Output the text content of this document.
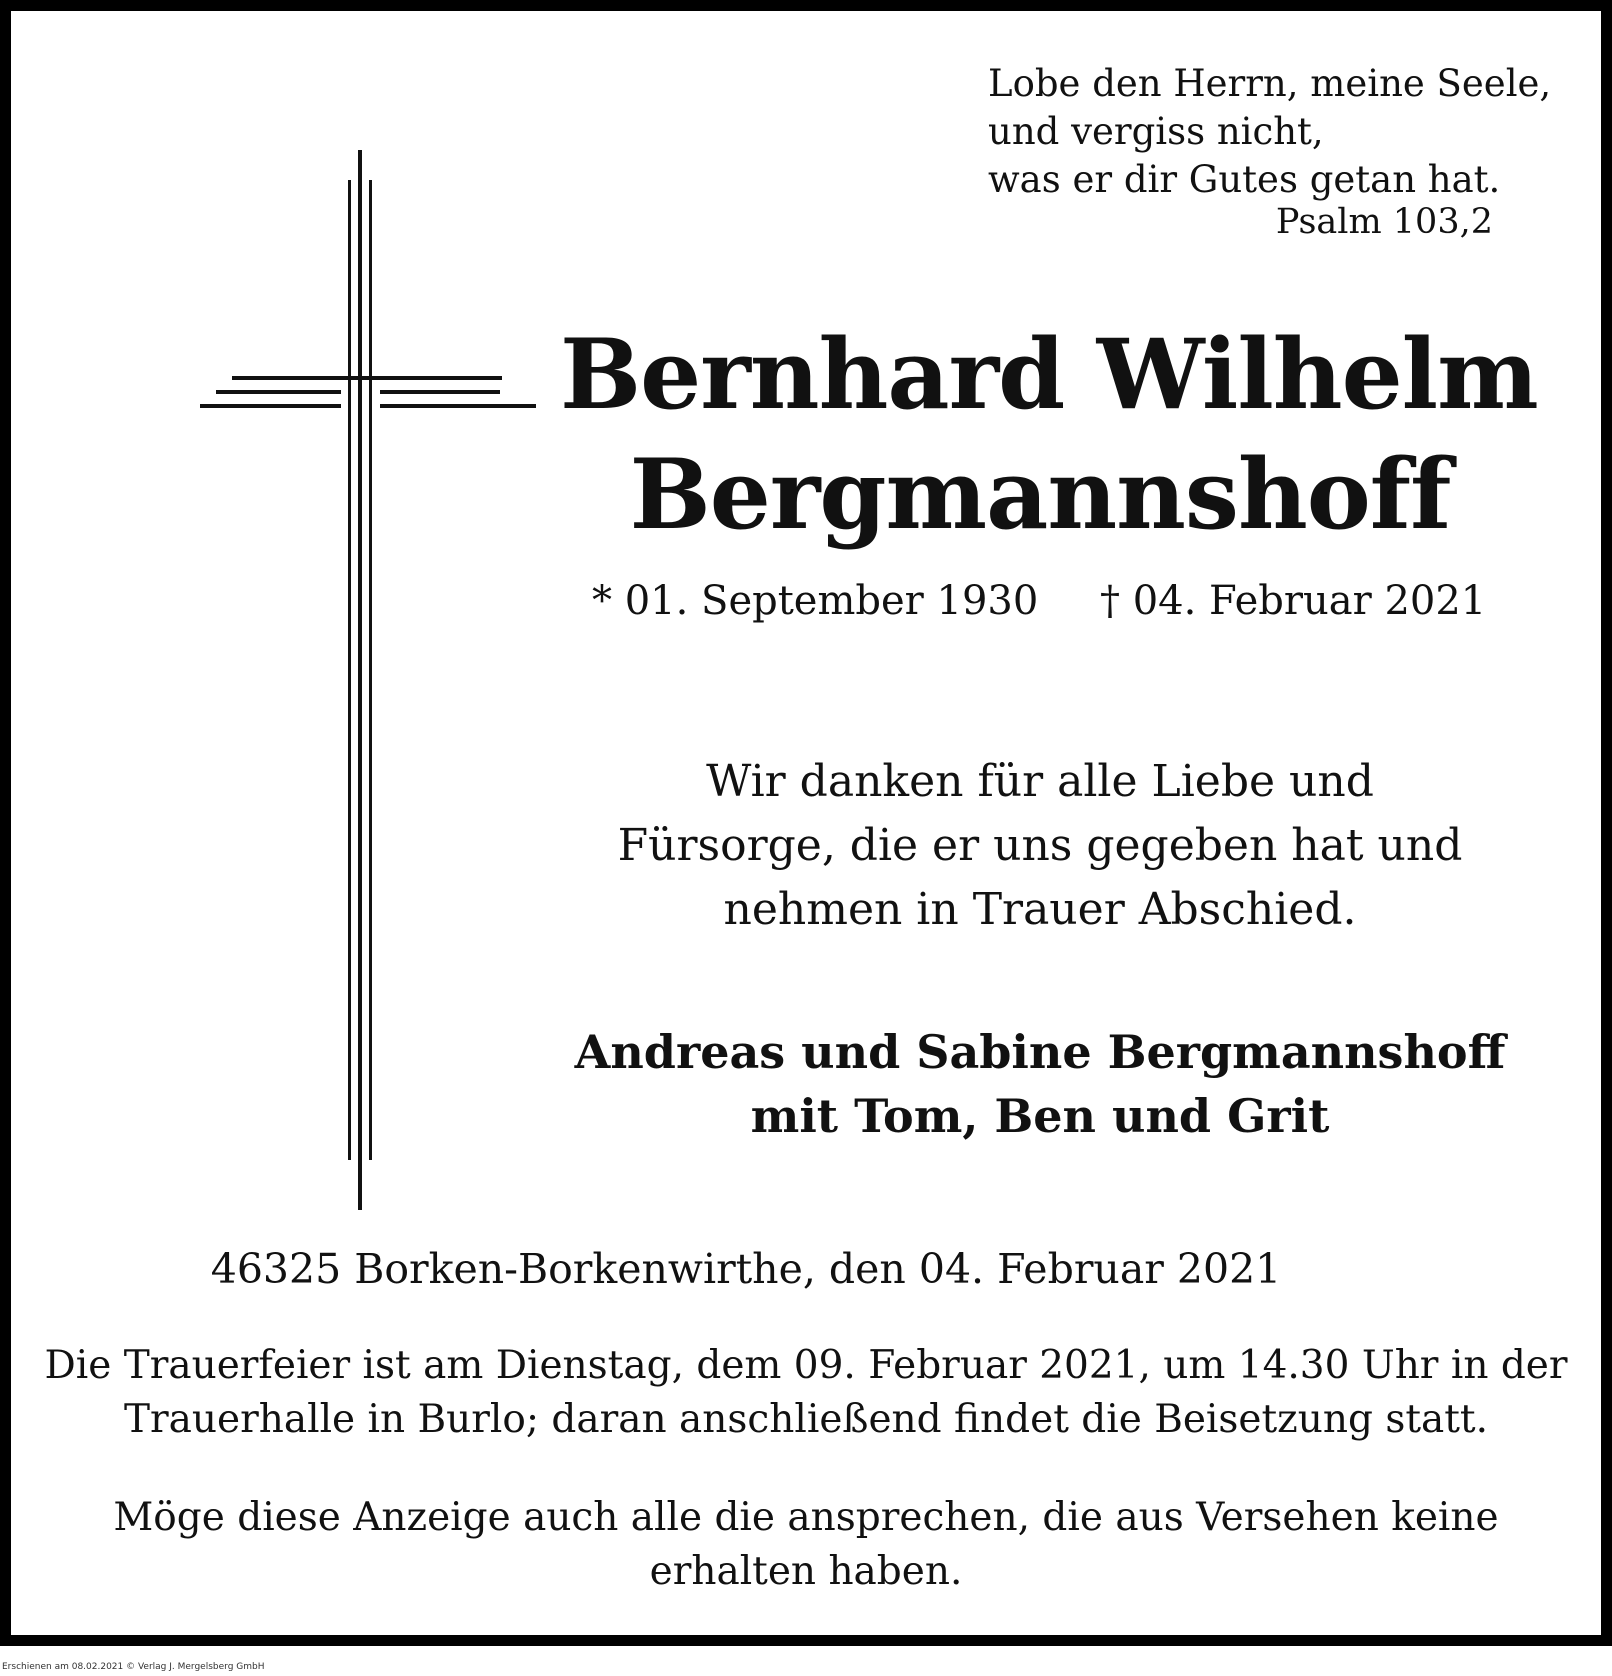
Lobe den Herrn, meine Seele,
und vergiss nicht,
was er dir Gutes getan hat.
Psalm 103,2
Bernhard Wilhelm
Bergmannshoff
* 01. September 1930 † 04. Februar 2021
Wir danken für alle Liebe und
Fürsorge, die er uns gegeben hat und
nehmen in Trauer Abschied.
Andreas und Sabine Bergmannshoff
mit Tom, Ben und Grit
46325 Borken-Borkenwirthe, den 04. Februar 2021
Die Trauerfeier ist am Dienstag, dem 09. Februar 2021, um 14.30 Uhr in der
Trauerhalle in Burlo; daran anschließend findet die Beisetzung statt.
Möge diese Anzeige auch alle die ansprechen, die aus Versehen keine
erhalten haben.
Erschienen am 08.02.2021 © Verlag J. Mergelsberg GmbH
